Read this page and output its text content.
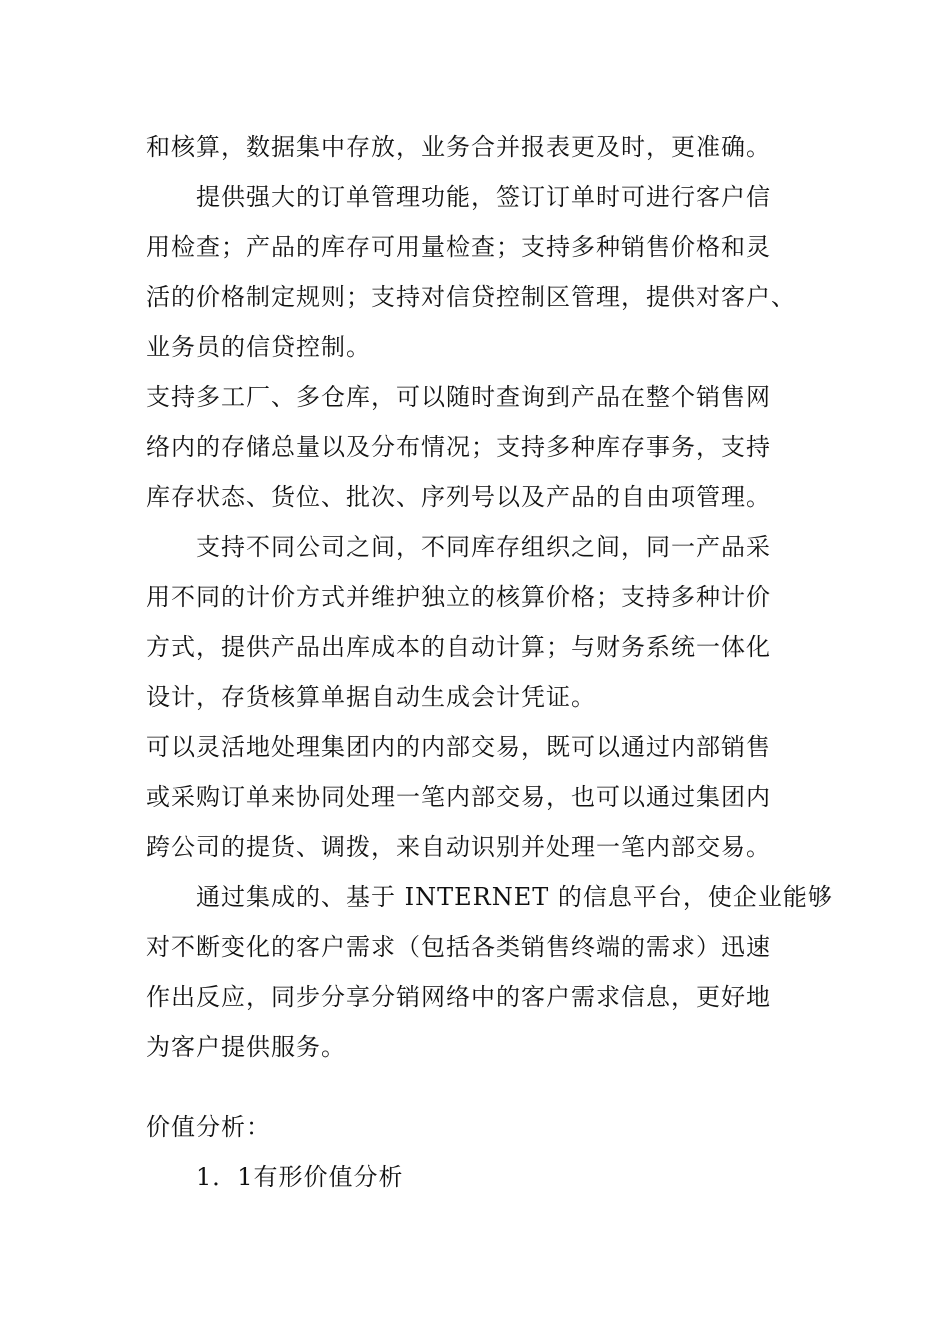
和核算，数据集中存放，业务合并报表更及时，更准确。
提供强大的订单管理功能，签订订单时可进行客户信
用检查；产品的库存可用量检查；支持多种销售价格和灵
活的价格制定规则；支持对信贷控制区管理，提供对客户、
业务员的信贷控制。
支持多工厂、多仓库，可以随时查询到产品在整个销售网
络内的存储总量以及分布情况；支持多种库存事务，支持
库存状态、货位、批次、序列号以及产品的自由项管理。
支持不同公司之间，不同库存组织之间，同一产品采
用不同的计价方式并维护独立的核算价格；支持多种计价
方式，提供产品出库成本的自动计算；与财务系统一体化
设计，存货核算单据自动生成会计凭证。
可以灵活地处理集团内的内部交易，既可以通过内部销售
或采购订单来协同处理一笔内部交易，也可以通过集团内
跨公司的提货、调拨，来自动识别并处理一笔内部交易。
通过集成的、基于 INTERNET 的信息平台，使企业能够
对不断变化的客户需求（包括各类销售终端的需求）迅速
作出反应，同步分享分销网络中的客户需求信息，更好地
为客户提供服务。
价值分析：
1．1有形价值分析
